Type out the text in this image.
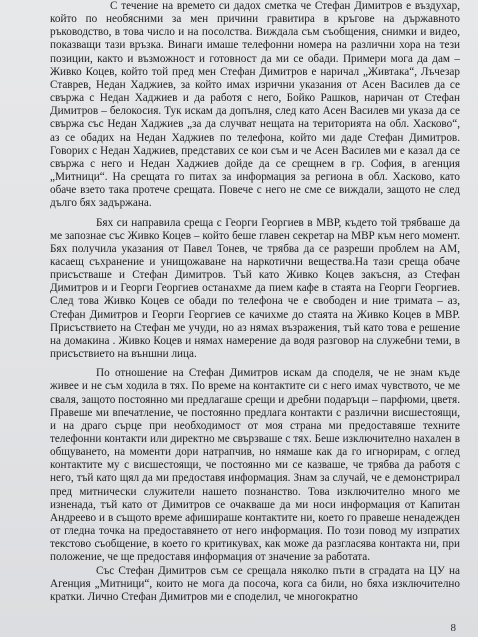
С течение на времето си дадох сметка че Стефан Димитров е въздухар, който по необясними за мен причини гравитира в кръгове на държавното ръководство, в това число и на посолства. Виждала съм съобщения, снимки и видео, показващи тази връзка. Винаги имаше телефонни номера на различни хора на тези позиции, както и възможност и готовност да ми се обади. Примери мога да дам – Живко Коцев, който той пред мен Стефан Димитров е наричал „Живтака“, Лъчезар Ставрев, Недан Хаджиев, за който имах изрични указания от Асен Василев да се свържа с Недан Хаджиев и да работя с него, Бойко Рашков, наричан от Стефан Димитров – белокосия. Тук искам да допълня, след като Асен Василев ми указа да се свържа със Недан Хаджиев „за да случват нещата на територията на обл. Хасково“, аз се обадих на Недан Хаджиев по телефона, който ми даде Стефан Димитров. Говорих с Недан Хаджиев, представих се кои съм и че Асен Василев ми е казал да се свържа с него и Недан Хаджиев дойде да се срещнем в гр. София, в агенция „Митници“. На срещата го питах за информация за региона в обл. Хасково, като обаче взето така протече срещата. Повече с него не сме се виждали, защото не след дълго бях задържана.

Бях си направила среща с Георги Георгиев в МВР, където той трябваше да ме запознае със Живко Коцев – който беше главен секретар на МВР към него момент. Бях получила указания от Павел Тонев, че трябва да се разреши проблем на АМ, касаещ съхранение и унищожаване на наркотични вещества.На тази среща обаче присъстваше и Стефан Димитров. Тъй като Живко Коцев закъсня, аз Стефан Димитров и и Георги Георгиев останахме да пием кафе в стаята на Георги Георгиев. След това Живко Коцев се обади по телефона че е свободен и ние тримата – аз, Стефан Димитров и Георги Георгиев се качихме до стаята на Живко Коцев в МВР. Присъствието на Стефан ме учуди, но аз нямах възражения, тъй като това е решение на домакина . Живко Коцев и нямах намерение да водя разговор на служебни теми, в присъствието на външни лица.

По отношение на Стефан Димитров искам да споделя, че не знам къде живее и не съм ходила в тях. По време на контактите си с него имах чувството, че ме сваля, защото постоянно ми предлагаше срещи и дребни подаръци – парфюми, цветя. Правеше ми впечатление, че постоянно предлага контакти с различни висшестоящи, и на драго сърце при необходимост от моя страна ми предоставяше техните телефонни контакти или директно ме свързваше с тях. Беше изключително нахален в общуването, на моменти дори натрапчив, но нямаше как да го игнорирам, с оглед контактите му с висшестоящи, че постоянно ми се казваше, че трябва да работя с него, тъй като щял да ми предоставя информация. Знам за случай, че е демонстрирал пред митнически служители нашето познанство. Това изключително много ме изненада, тъй като от Димитров се очакваше да ми носи информация от Капитан Андреево и в същото време афишираше контактите ни, което го правеше ненадежден от гледна точка на предоставянето от него информация. По този повод му изпратих текстово съобщение, в което го критикувах, как може да разгласява контакта ни, при положение, че ще предоставя информация от значение за работата.

Със Стефан Димитров съм се срещала няколко пъти в сградата на ЦУ на Агенция „Митници“, които не мога да посоча, кога са били, но бяха изключително кратки. Лично Стефан Димитров ми е споделил, че многократно

8
